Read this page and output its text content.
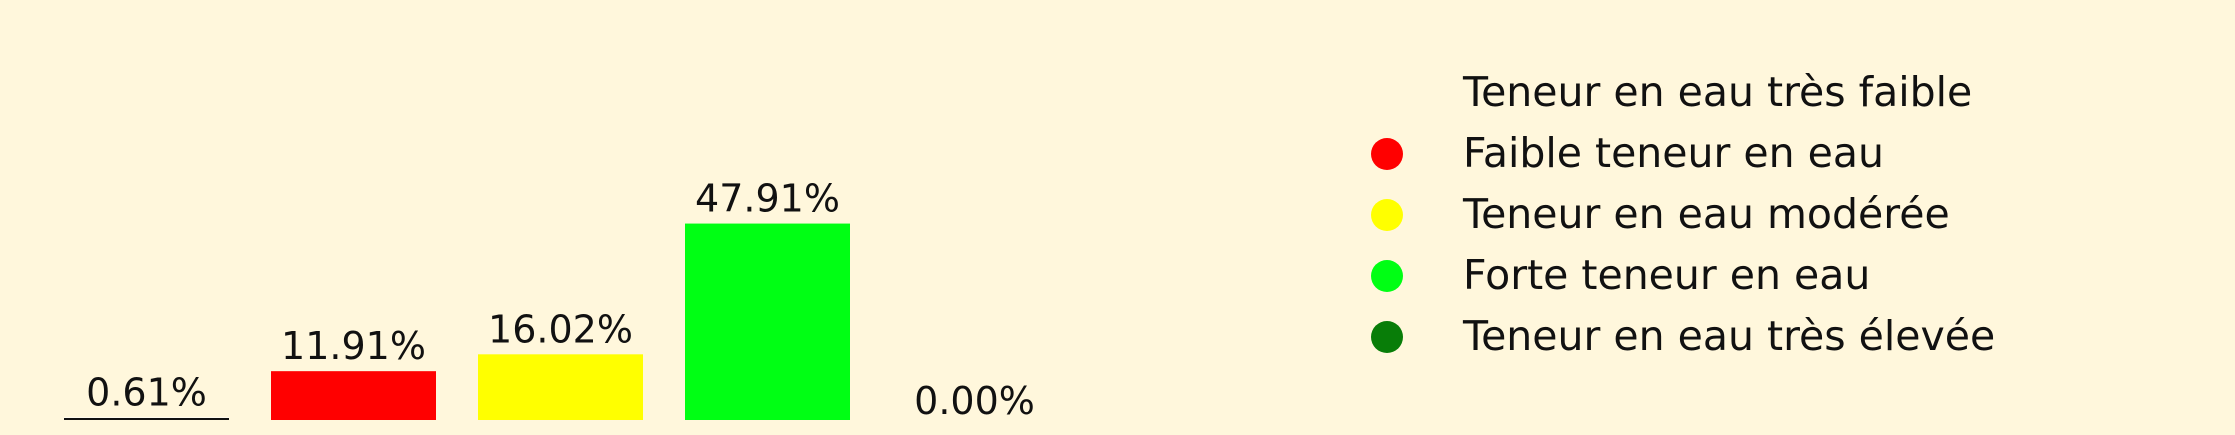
0.61%
11.91% 16.02%
47.91%
0.00%
Teneur en eau très faible
Faible teneur en eau
Teneur en eau modérée
Forte teneur en eau
Teneur en eau très élevée
